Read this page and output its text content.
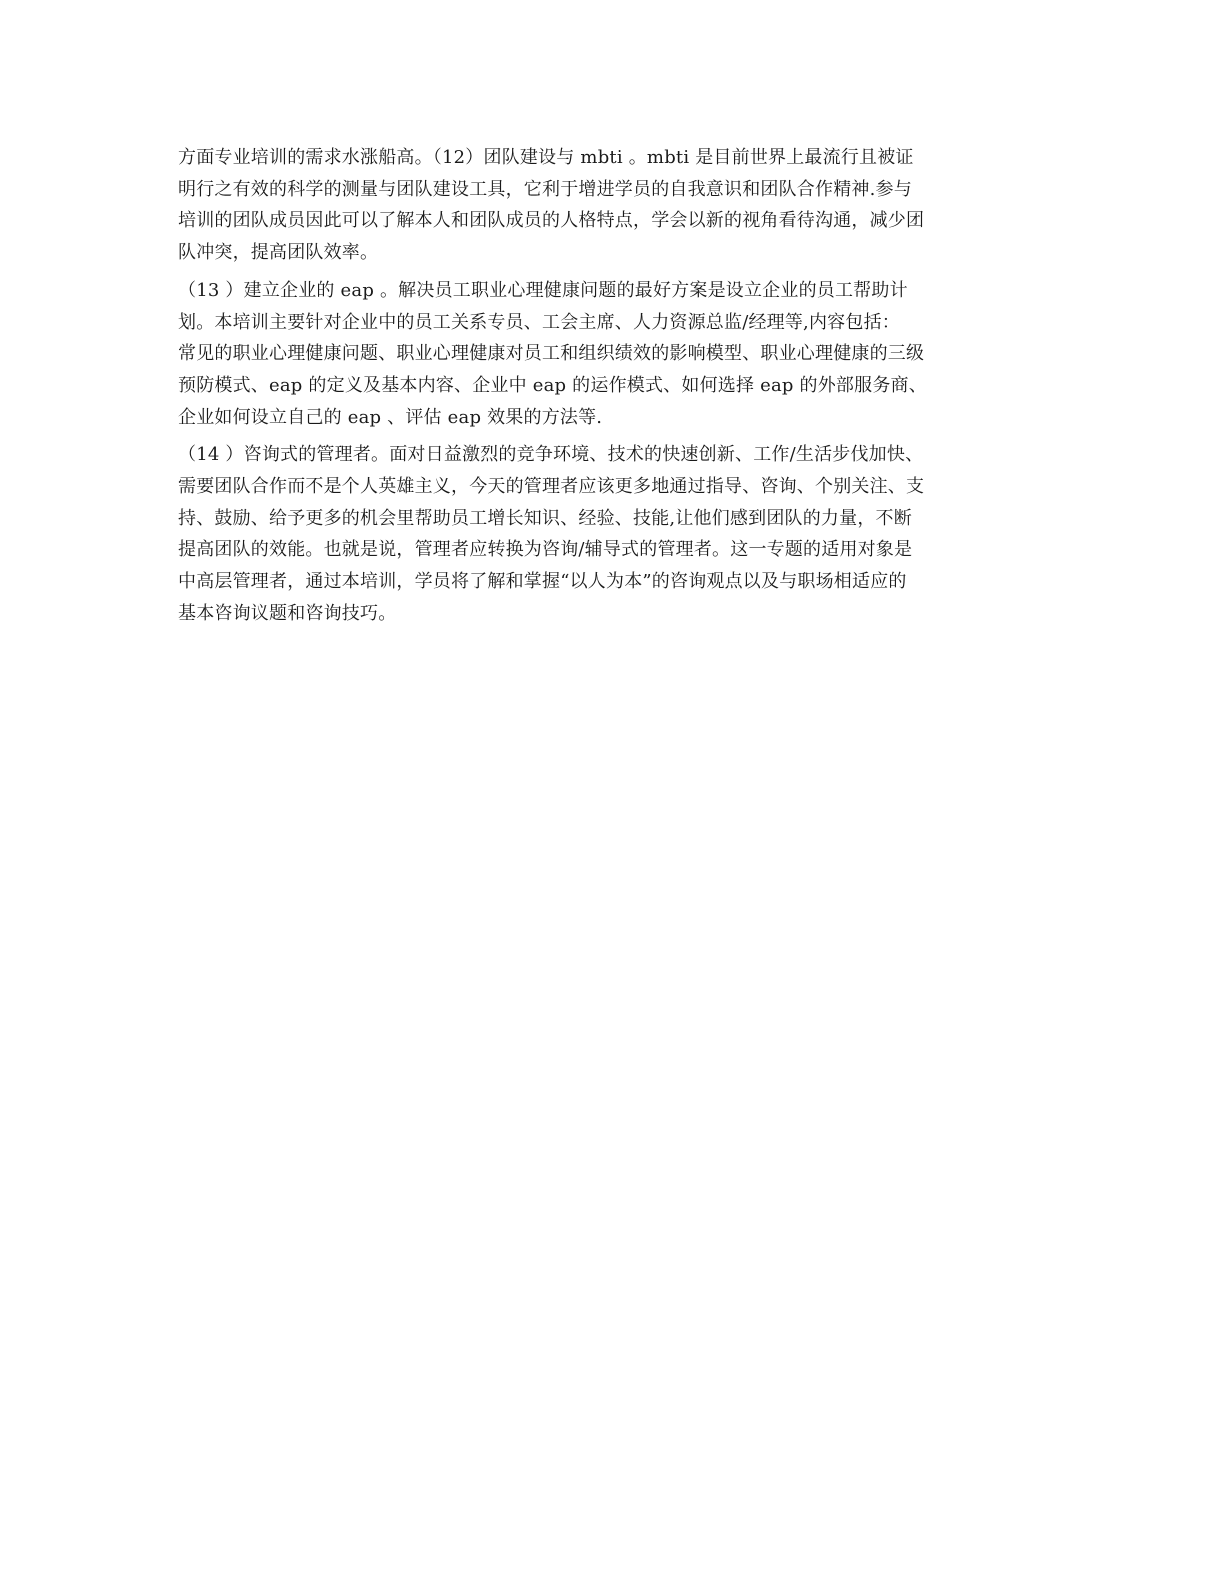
方面专业培训的需求水涨船高。（12）团队建设与 mbti 。mbti 是目前世界上最流行且被证
明行之有效的科学的测量与团队建设工具，它利于增进学员的自我意识和团队合作精神.参与
培训的团队成员因此可以了解本人和团队成员的人格特点，学会以新的视角看待沟通，减少团
队冲突，提高团队效率。

（13 ）建立企业的 eap 。解决员工职业心理健康问题的最好方案是设立企业的员工帮助计
划。本培训主要针对企业中的员工关系专员、工会主席、人力资源总监/经理等,内容包括：
常见的职业心理健康问题、职业心理健康对员工和组织绩效的影响模型、职业心理健康的三级
预防模式、eap 的定义及基本内容、企业中 eap 的运作模式、如何选择 eap 的外部服务商、
企业如何设立自己的 eap 、评估 eap 效果的方法等.

（14 ）咨询式的管理者。面对日益激烈的竞争环境、技术的快速创新、工作/生活步伐加快、
需要团队合作而不是个人英雄主义，今天的管理者应该更多地通过指导、咨询、个别关注、支
持、鼓励、给予更多的机会里帮助员工增长知识、经验、技能,让他们感到团队的力量，不断
提高团队的效能。也就是说，管理者应转换为咨询/辅导式的管理者。这一专题的适用对象是
中高层管理者，通过本培训，学员将了解和掌握“以人为本”的咨询观点以及与职场相适应的
基本咨询议题和咨询技巧。
